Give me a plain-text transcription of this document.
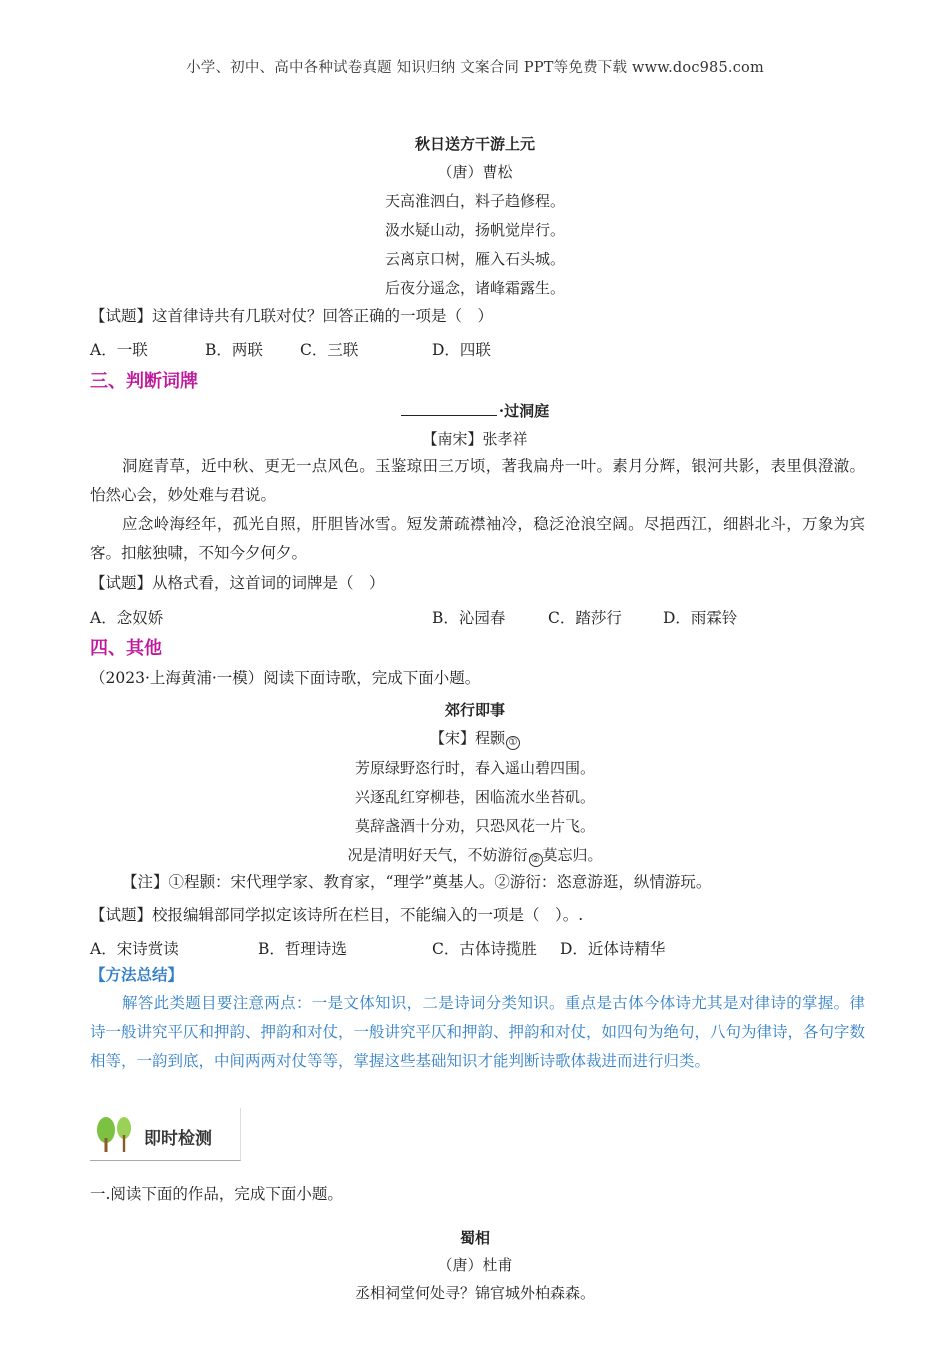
小学、初中、高中各种试卷真题 知识归纳 文案合同 PPT等免费下载 www.doc985.com
秋日送方干游上元
（唐）曹松
天高淮泗白，料子趋修程。
汲水疑山动，扬帆觉岸行。
云离京口树，雁入石头城。
后夜分遥念，诸峰霜露生。
【试题】这首律诗共有几联对仗？回答正确的一项是（　）
A．一联	B．两联 C．三联	D．四联
三、判断词牌
·过洞庭
【南宋】张孝祥
洞庭青草，近中秋、更无一点风色。玉鉴琼田三万顷，著我扁舟一叶。素月分辉，银河共影，表里俱澄澈。怡然心会，妙处难与君说。
应念岭海经年，孤光自照，肝胆皆冰雪。短发萧疏襟袖冷，稳泛沧浪空阔。尽挹西江，细斟北斗，万象为宾客。扣舷独啸，不知今夕何夕。
【试题】从格式看，这首词的词牌是（　）
A．念奴娇	B．沁园春	C．踏莎行	D．雨霖铃
四、其他
（2023·上海黄浦·一模）阅读下面诗歌，完成下面小题。
郊行即事
【宋】程颢 ①
芳原绿野恣行时，春入遥山碧四围。
兴逐乱红穿柳巷，困临流水坐苔矶。
莫辞盏酒十分劝，只恐风花一片飞。
况是清明好天气，不妨游衍 ② 莫忘归。
【注】①程颢：宋代理学家、教育家，“理学”奠基人。②游衍：恣意游逛，纵情游玩。
【试题】校报编辑部同学拟定该诗所在栏目，不能编入的一项是（　）。.
A．宋诗赏读	B．哲理诗选	C．古体诗揽胜 D．近体诗精华
【方法总结】
解答此类题目要注意两点：一是文体知识，二是诗词分类知识。重点是古体今体诗尤其是对律诗的掌握。律诗一般讲究平仄和押韵、押韵和对仗，一般讲究平仄和押韵、押韵和对仗，如四句为绝句，八句为律诗，各句字数相等，一韵到底，中间两两对仗等等，掌握这些基础知识才能判断诗歌体裁进而进行归类。
即时检测
一.阅读下面的作品，完成下面小题。
蜀相
（唐）杜甫
丞相祠堂何处寻？锦官城外柏森森。
